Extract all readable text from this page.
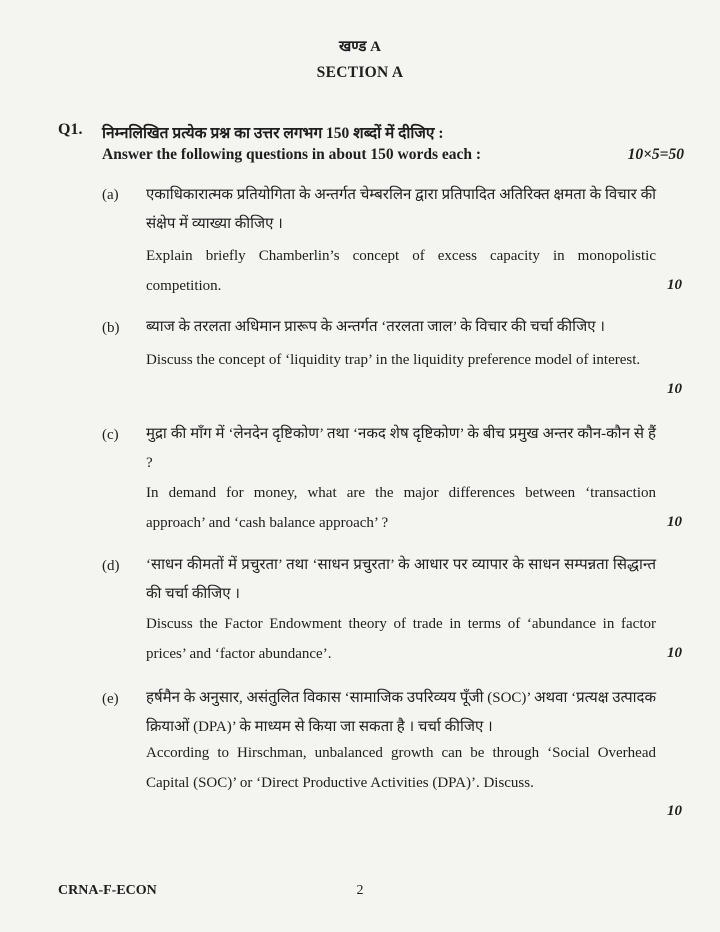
खण्ड A
SECTION A
Q1. निम्नलिखित प्रत्येक प्रश्न का उत्तर लगभग 150 शब्दों में दीजिए :
Answer the following questions in about 150 words each :	10×5=50
(a) एकाधिकारात्मक प्रतियोगिता के अन्तर्गत चेम्बरलिन द्वारा प्रतिपादित अतिरिक्त क्षमता के विचार की संक्षेप में व्याख्या कीजिए ।
Explain briefly Chamberlin’s concept of excess capacity in monopolistic competition.	10
(b) ब्याज के तरलता अधिमान प्रारूप के अन्तर्गत ‘तरलता जाल’ के विचार की चर्चा कीजिए ।
Discuss the concept of ‘liquidity trap’ in the liquidity preference model of interest.
10
(c) मुद्रा की माँग में ‘लेनदेन दृष्टिकोण’ तथा ‘नकद शेष दृष्टिकोण’ के बीच प्रमुख अन्तर कौन-कौन से हैं ?
In demand for money, what are the major differences between ‘transaction approach’ and ‘cash balance approach’ ?	10
(d) ‘साधन कीमतों में प्रचुरता’ तथा ‘साधन प्रचुरता’ के आधार पर व्यापार के साधन सम्पन्नता सिद्धान्त की चर्चा कीजिए ।
Discuss the Factor Endowment theory of trade in terms of ‘abundance in factor prices’ and ‘factor abundance’.	10
(e) हर्षमैन के अनुसार, असंतुलित विकास ‘सामाजिक उपरिव्यय पूँजी (SOC)’ अथवा ‘प्रत्यक्ष उत्पादक क्रियाओं (DPA)’ के माध्यम से किया जा सकता है । चर्चा कीजिए ।
According to Hirschman, unbalanced growth can be through ‘Social Overhead Capital (SOC)’ or ‘Direct Productive Activities (DPA)’. Discuss.
10
CRNA-F-ECON	2
